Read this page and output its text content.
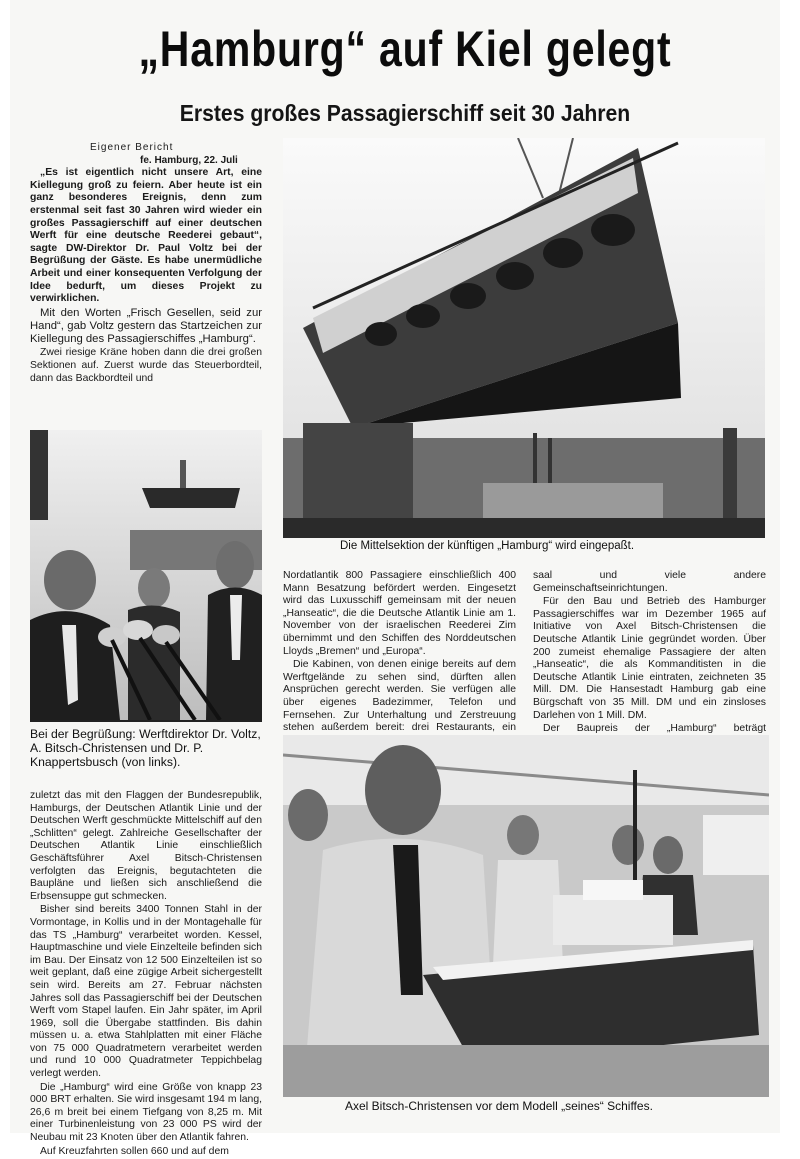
„Hamburg“ auf Kiel gelegt
Erstes großes Passagierschiff seit 30 Jahren
Eigener Bericht
fe. Hamburg, 22. Juli

„Es ist eigentlich nicht unsere Art, eine Kiellegung groß zu feiern. Aber heute ist ein ganz besonderes Ereignis, denn zum erstenmal seit fast 30 Jahren wird wieder ein großes Passagierschiff auf einer deutschen Werft für eine deutsche Reederei gebaut“, sagte DW-Direktor Dr. Paul Voltz bei der Begrüßung der Gäste. Es habe unermüdliche Arbeit und einer konsequenten Verfolgung der Idee bedurft, um dieses Projekt zu verwirklichen.

Mit den Worten „Frisch Gesellen, seid zur Hand“, gab Voltz gestern das Startzeichen zur Kiellegung des Passagierschiffes „Hamburg“.

Zwei riesige Kräne hoben dann die drei großen Sektionen auf. Zuerst wurde das Steuerbordteil, dann das Backbordteil und

Bei der Begrüßung: Werftdirektor Dr. Voltz, A. Bitsch-Christensen und Dr. P. Knappertsbusch (von links).

zuletzt das mit den Flaggen der Bundesrepublik, Hamburgs, der Deutschen Atlantik Linie und der Deutschen Werft geschmückte Mittelschiff auf den „Schlitten“ gelegt. Zahlreiche Gesellschafter der Deutschen Atlantik Linie einschließlich Geschäftsführer Axel Bitsch-Christensen verfolgten das Ereignis, begutachteten die Baupläne und ließen sich anschließend die Erbsensuppe gut schmecken.

Bisher sind bereits 3400 Tonnen Stahl in der Vormontage, in Kollis und in der Montagehalle für das TS „Hamburg“ verarbeitet worden. Kessel, Hauptmaschine und viele Einzelteile befinden sich im Bau. Der Einsatz von 12 500 Einzelteilen ist so weit geplant, daß eine zügige Arbeit sichergestellt sein wird. Bereits am 27. Februar nächsten Jahres soll das Passagierschiff bei der Deutschen Werft vom Stapel laufen. Ein Jahr später, im April 1969, soll die Übergabe stattfinden. Bis dahin müssen u. a. etwa Stahlplatten mit einer Fläche von 75 000 Quadratmetern verarbeitet werden und rund 10 000 Quadratmeter Teppichbelag verlegt werden.

Die „Hamburg“ wird eine Größe von knapp 23 000 BRT erhalten. Sie wird insgesamt 194 m lang, 26,6 m breit bei einem Tiefgang von 8,25 m. Mit einer Turbinenleistung von 23 000 PS wird der Neubau mit 23 Knoten über den Atlantik fahren.

Auf Kreuzfahrten sollen 660 und auf dem

Die Mittelsektion der künftigen „Hamburg“ wird eingepaßt.

Nordatlantik 800 Passagiere einschließlich 400 Mann Besatzung befördert werden. Eingesetzt wird das Luxusschiff gemeinsam mit der neuen „Hanseatic“, die die Deutsche Atlantik Linie am 1. November von der israelischen Reederei Zim übernimmt und den Schiffen des Norddeutschen Lloyds „Bremen“ und „Europa“.

Die Kabinen, von denen einige bereits auf dem Werftgelände zu sehen sind, dürften allen Ansprüchen gerecht werden. Sie verfügen alle über eigenes Badezimmer, Telefon und Fernsehen. Zur Unterhaltung und Zerstreuung stehen außerdem bereit: drei Restaurants, ein

saal und viele andere Gemeinschaftseinrichtungen.

Für den Bau und Betrieb des Hamburger Passagierschiffes war im Dezember 1965 auf Initiative von Axel Bitsch-Christensen die Deutsche Atlantik Linie gegründet worden. Über 200 zumeist ehemalige Passagiere der alten „Hanseatic“, die als Kommanditisten in die Deutsche Atlantik Linie eintraten, zeichneten 35 Mill. DM. Die Hansestadt Hamburg gab eine Bürgschaft von 35 Mill. DM und ein zinsloses Darlehen von 1 Mill. DM.

Der Baupreis der „Hamburg“ beträgt

Axel Bitsch-Christensen vor dem Modell „seines“ Schiffes.
